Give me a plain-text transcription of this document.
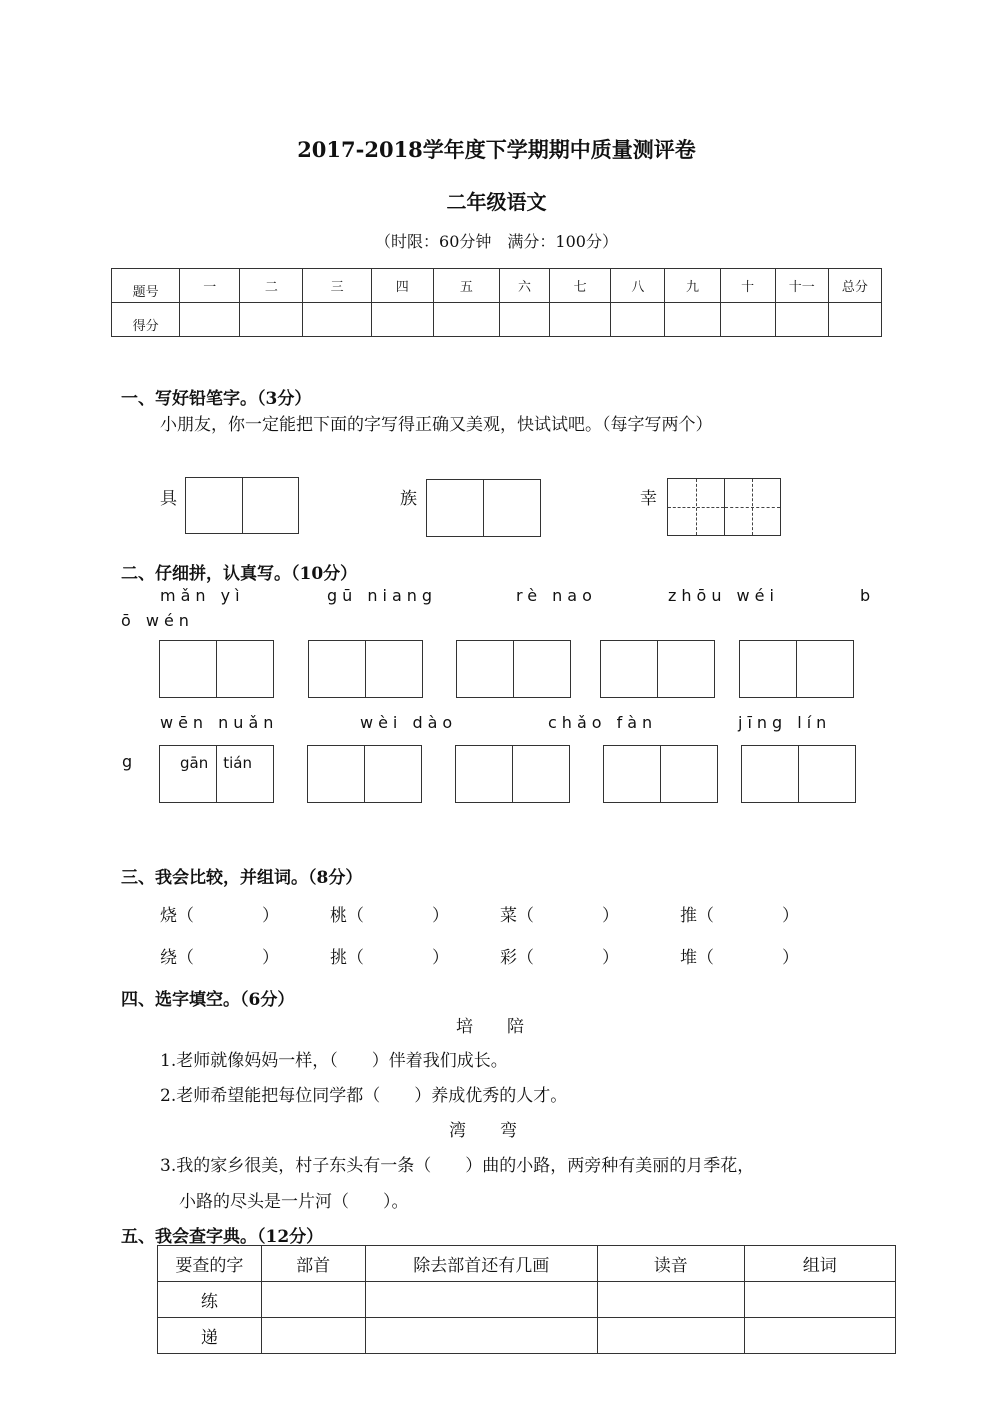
2017-2018学年度下学期期中质量测评卷
二年级语文
（时限：60分钟　满分：100分）
题号	一	二	三	四	五	六	七	八	九	十	十一	总分
得分												
一、写好铅笔字。（3分）
小朋友，你一定能把下面的字写得正确又美观，快试试吧。（每字写两个）
具	族	幸
二、仔细拼，认真写。（10分）
mǎn yì	gū niang	rè nao	zhōu wéi	b
ō wén
wēn nuǎn	wèi dào	chǎo fàn	jīng lín
g	gān　tián
三、我会比较，并组词。（8分）
烧（　　　　）	桃（　　　　）	菜（　　　　）	推（　　　　）
绕（　　　　）	挑（　　　　）	彩（　　　　）	堆（　　　　）
四、选字填空。（6分）
培　　陪
1.老师就像妈妈一样，（　　）伴着我们成长。
2.老师希望能把每位同学都（　　）养成优秀的人才。
湾　　弯
3.我的家乡很美，村子东头有一条（　　）曲的小路，两旁种有美丽的月季花，
小路的尽头是一片河（　　）。
五、我会查字典。（12分）
要查的字	部首	除去部首还有几画	读音	组词
练				
递				
